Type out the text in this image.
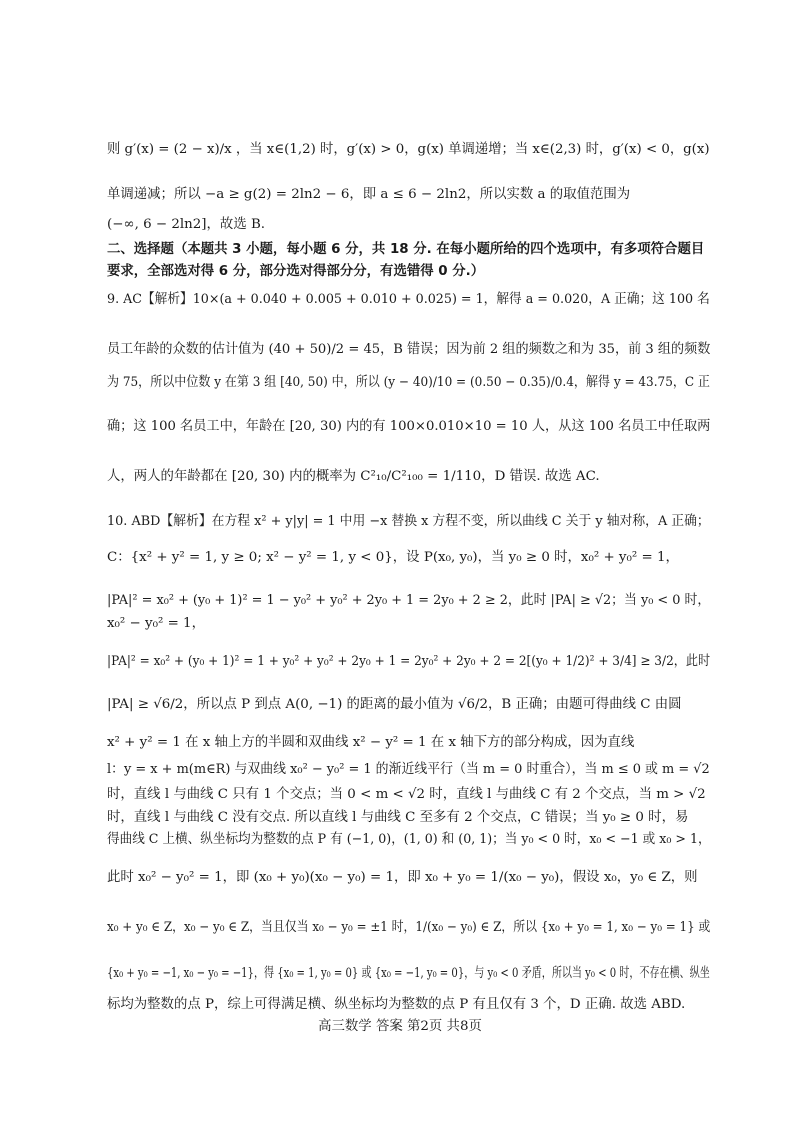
则 g′(x) = (2 − x)/x ，当 x∈(1,2) 时，g′(x) > 0，g(x) 单调递增；当 x∈(2,3) 时，g′(x) < 0，g(x)
单调递减；所以 −a ≥ g(2) = 2ln2 − 6，即 a ≤ 6 − 2ln2，所以实数 a 的取值范围为
(−∞, 6 − 2ln2]，故选 B.
二、选择题（本题共 3 小题，每小题 6 分，共 18 分. 在每小题所给的四个选项中，有多项符合题目
要求，全部选对得 6 分，部分选对得部分分，有选错得 0 分.）
9. AC【解析】10×(a + 0.040 + 0.005 + 0.010 + 0.025) = 1，解得 a = 0.020，A 正确；这 100 名
员工年龄的众数的估计值为 (40 + 50)/2 = 45，B 错误；因为前 2 组的频数之和为 35，前 3 组的频数
为 75，所以中位数 y 在第 3 组 [40, 50) 中，所以 (y − 40)/10 = (0.50 − 0.35)/0.4，解得 y = 43.75，C 正
确；这 100 名员工中，年龄在 [20, 30) 内的有 100×0.010×10 = 10 人，从这 100 名员工中任取两
人，两人的年龄都在 [20, 30) 内的概率为 C²₁₀/C²₁₀₀ = 1/110，D 错误. 故选 AC.
10. ABD【解析】在方程 x² + y|y| = 1 中用 −x 替换 x 方程不变，所以曲线 C 关于 y 轴对称，A 正确；
C：{x² + y² = 1, y ≥ 0; x² − y² = 1, y < 0}，设 P(x₀, y₀)，当 y₀ ≥ 0 时，x₀² + y₀² = 1，
|PA|² = x₀² + (y₀ + 1)² = 1 − y₀² + y₀² + 2y₀ + 1 = 2y₀ + 2 ≥ 2，此时 |PA| ≥ √2；当 y₀ < 0 时，
x₀² − y₀² = 1，
|PA|² = x₀² + (y₀ + 1)² = 1 + y₀² + y₀² + 2y₀ + 1 = 2y₀² + 2y₀ + 2 = 2[(y₀ + 1/2)² + 3/4] ≥ 3/2，此时
|PA| ≥ √6/2，所以点 P 到点 A(0, −1) 的距离的最小值为 √6/2，B 正确；由题可得曲线 C 由圆
x² + y² = 1 在 x 轴上方的半圆和双曲线 x² − y² = 1 在 x 轴下方的部分构成，因为直线
l：y = x + m(m∈R) 与双曲线 x₀² − y₀² = 1 的渐近线平行（当 m = 0 时重合），当 m ≤ 0 或 m = √2
时，直线 l 与曲线 C 只有 1 个交点；当 0 < m < √2 时，直线 l 与曲线 C 有 2 个交点，当 m > √2
时，直线 l 与曲线 C 没有交点. 所以直线 l 与曲线 C 至多有 2 个交点，C 错误；当 y₀ ≥ 0 时，易
得曲线 C 上横、纵坐标均为整数的点 P 有 (−1, 0)，(1, 0) 和 (0, 1)；当 y₀ < 0 时，x₀ < −1 或 x₀ > 1，
此时 x₀² − y₀² = 1，即 (x₀ + y₀)(x₀ − y₀) = 1，即 x₀ + y₀ = 1/(x₀ − y₀)，假设 x₀，y₀ ∈ Z，则
x₀ + y₀ ∈ Z，x₀ − y₀ ∈ Z，当且仅当 x₀ − y₀ = ±1 时，1/(x₀ − y₀) ∈ Z，所以 {x₀ + y₀ = 1, x₀ − y₀ = 1} 或
{x₀ + y₀ = −1, x₀ − y₀ = −1}，得 {x₀ = 1, y₀ = 0} 或 {x₀ = −1, y₀ = 0}，与 y₀ < 0 矛盾，所以当 y₀ < 0 时，不存在横、纵坐
标均为整数的点 P，综上可得满足横、纵坐标均为整数的点 P 有且仅有 3 个，D 正确. 故选 ABD.
高三数学 答案 第2页 共8页
